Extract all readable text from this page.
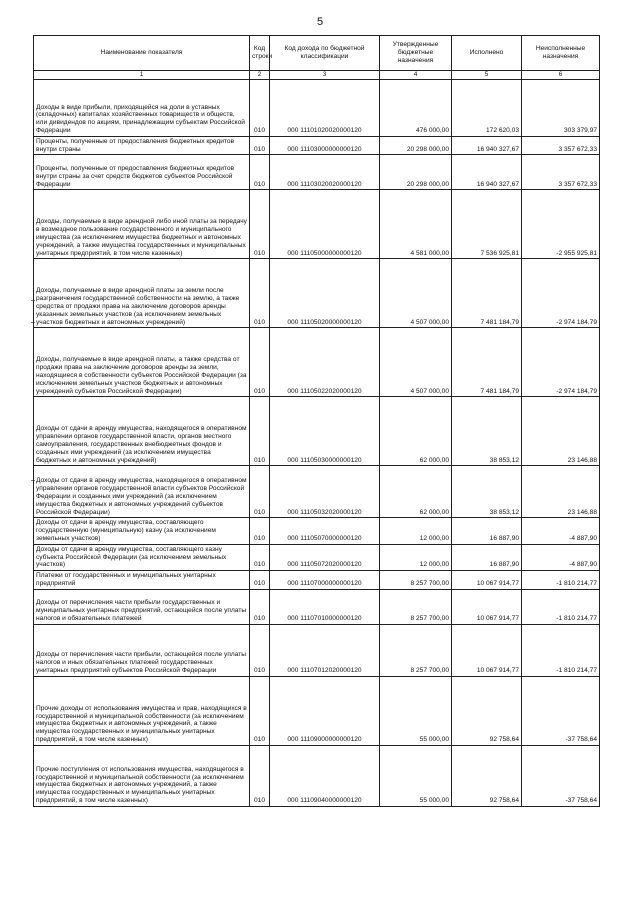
5
Наименование показателя	Код строки	Код дохода по бюджетной классификации	Утвержденные бюджетные назначения	Исполнено	Неисполненные назначения
1	2	3	4	5	6
Доходы в виде прибыли, приходящейся на доли в уставных (складочных) капиталах хозяйственных товариществ и обществ, или дивидендов по акциям, принадлежащим субъектам Российской Федерации	010	000 11101020020000120	476 000,00	172 620,03	303 379,97
Проценты, полученные от предоставления бюджетных кредитов внутри страны	010	000 11103000000000120	20 298 000,00	16 940 327,67	3 357 672,33
Проценты, полученные от предоставления бюджетных кредитов внутри страны за счет средств бюджетов субъектов Российской Федерации	010	000 11103020020000120	20 298 000,00	16 940 327,67	3 357 672,33
Доходы, получаемые в виде арендной либо иной платы за передачу в возмездное пользование государственного и муниципального имущества (за исключением имущества бюджетных и автономных учреждений, а также имущества государственных и муниципальных унитарных предприятий, в том числе казенных)	010	000 11105000000000120	4 581 000,00	7 536 925,81	-2 955 925,81
Доходы, получаемые в виде арендной платы за земли после разграничения государственной собственности на землю, а также средства от продажи права на заключение договоров аренды указанных земельных участков (за исключением земельных участков бюджетных и автономных учреждений)	010	000 11105020000000120	4 507 000,00	7 481 184,79	-2 974 184,79
Доходы, получаемые в виде арендной платы, а также средства от продажи права на заключение договоров аренды за земли, находящиеся в собственности субъектов Российской Федерации (за исключением земельных участков бюджетных и автономных учреждений субъектов Российской Федерации)	010	000 11105022020000120	4 507 000,00	7 481 184,79	-2 974 184,79
Доходы от сдачи в аренду имущества, находящегося в оперативном управлении органов государственной власти, органов местного самоуправления, государственных внебюджетных фондов и созданных ими учреждений (за исключением имущества бюджетных и автономных учреждений)	010	000 11105030000000120	62 000,00	38 853,12	23 146,88
Доходы от сдачи в аренду имущества, находящегося в оперативном управлении органов государственной власти субъектов Российской Федерации и созданных ими учреждений (за исключением имущества бюджетных и автономных учреждений субъектов Российской Федерации)	010	000 11105032020000120	62 000,00	38 853,12	23 146,88
Доходы от сдачи в аренду имущества, составляющего государственную (муниципальную) казну (за исключением земельных участков)	010	000 11105070000000120	12 000,00	16 887,90	-4 887,90
Доходы от сдачи в аренду имущества, составляющего казну субъекта Российской Федерации (за исключением земельных участков)	010	000 11105072020000120	12 000,00	16 887,90	-4 887,90
Платежи от государственных и муниципальных унитарных предприятий	010	000 11107000000000120	8 257 700,00	10 067 914,77	-1 810 214,77
Доходы от перечисления части прибыли государственных и муниципальных унитарных предприятий, остающейся после уплаты налогов и обязательных платежей	010	000 11107010000000120	8 257 700,00	10 067 914,77	-1 810 214,77
Доходы от перечисления части прибыли, остающейся после уплаты налогов и иных обязательных платежей государственных унитарных предприятий субъектов Российской Федерации	010	000 11107012020000120	8 257 700,00	10 067 914,77	-1 810 214,77
Прочие доходы от использования имущества и прав, находящихся в государственной и муниципальной собственности (за исключением имущества бюджетных и автономных учреждений, а также имущества государственных и муниципальных унитарных предприятий, в том числе казенных)	010	000 11109000000000120	55 000,00	92 758,64	-37 758,64
Прочие поступления от использования имущества, находящегося в государственной и муниципальной собственности (за исключением имущества бюджетных и автономных учреждений, а также имущества государственных и муниципальных унитарных предприятий, в том числе казенных)	010	000 11109040000000120	55 000,00	92 758,64	-37 758,64
